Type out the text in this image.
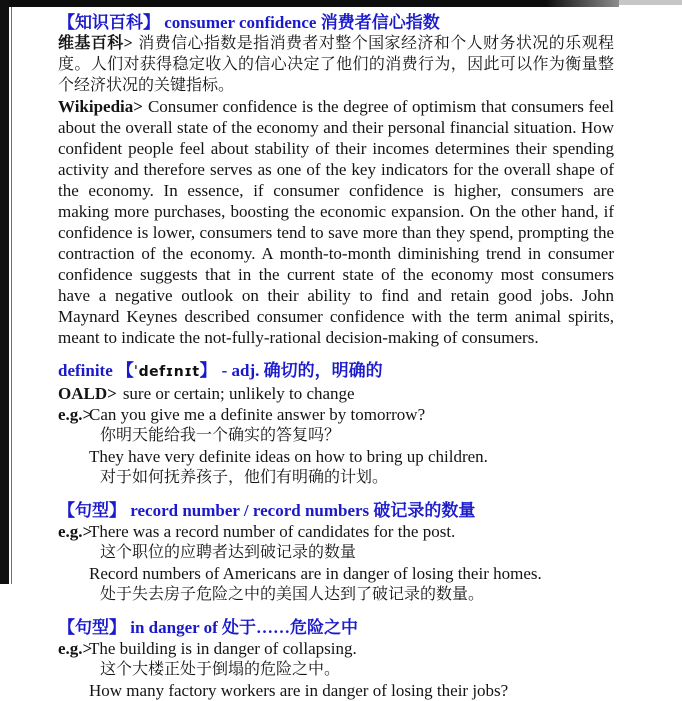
【知识百科】 consumer confidence 消费者信心指数

维基百科> 消费信心指数是指消费者对整个国家经济和个人财务状况的乐观程度。人们对获得稳定收入的信心决定了他们的消费行为，因此可以作为衡量整个经济状况的关键指标。

Wikipedia> Consumer confidence is the degree of optimism that consumers feel about the overall state of the economy and their personal financial situation. How confident people feel about stability of their incomes determines their spending activity and therefore serves as one of the key indicators for the overall shape of the economy. In essence, if consumer confidence is higher, consumers are making more purchases, boosting the economic expansion. On the other hand, if confidence is lower, consumers tend to save more than they spend, prompting the contraction of the economy. A month-to-month diminishing trend in consumer confidence suggests that in the current state of the economy most consumers have a negative outlook on their ability to find and retain good jobs. John Maynard Keynes described consumer confidence with the term animal spirits, meant to indicate the not-fully-rational decision-making of consumers.

definite 【ˈdefɪnɪt】 - adj. 确切的，明确的
OALD> sure or certain; unlikely to change
e.g.>
Can you give me a definite answer by tomorrow?
你明天能给我一个确实的答复吗？
They have very definite ideas on how to bring up children.
对于如何抚养孩子，他们有明确的计划。
【句型】 record number / record numbers 破记录的数量
e.g.>
There was a record number of candidates for the post.
这个职位的应聘者达到破记录的数量
Record numbers of Americans are in danger of losing their homes.
处于失去房子危险之中的美国人达到了破记录的数量。
【句型】 in danger of 处于……危险之中
e.g.>
The building is in danger of collapsing.
这个大楼正处于倒塌的危险之中。
How many factory workers are in danger of losing their jobs?
